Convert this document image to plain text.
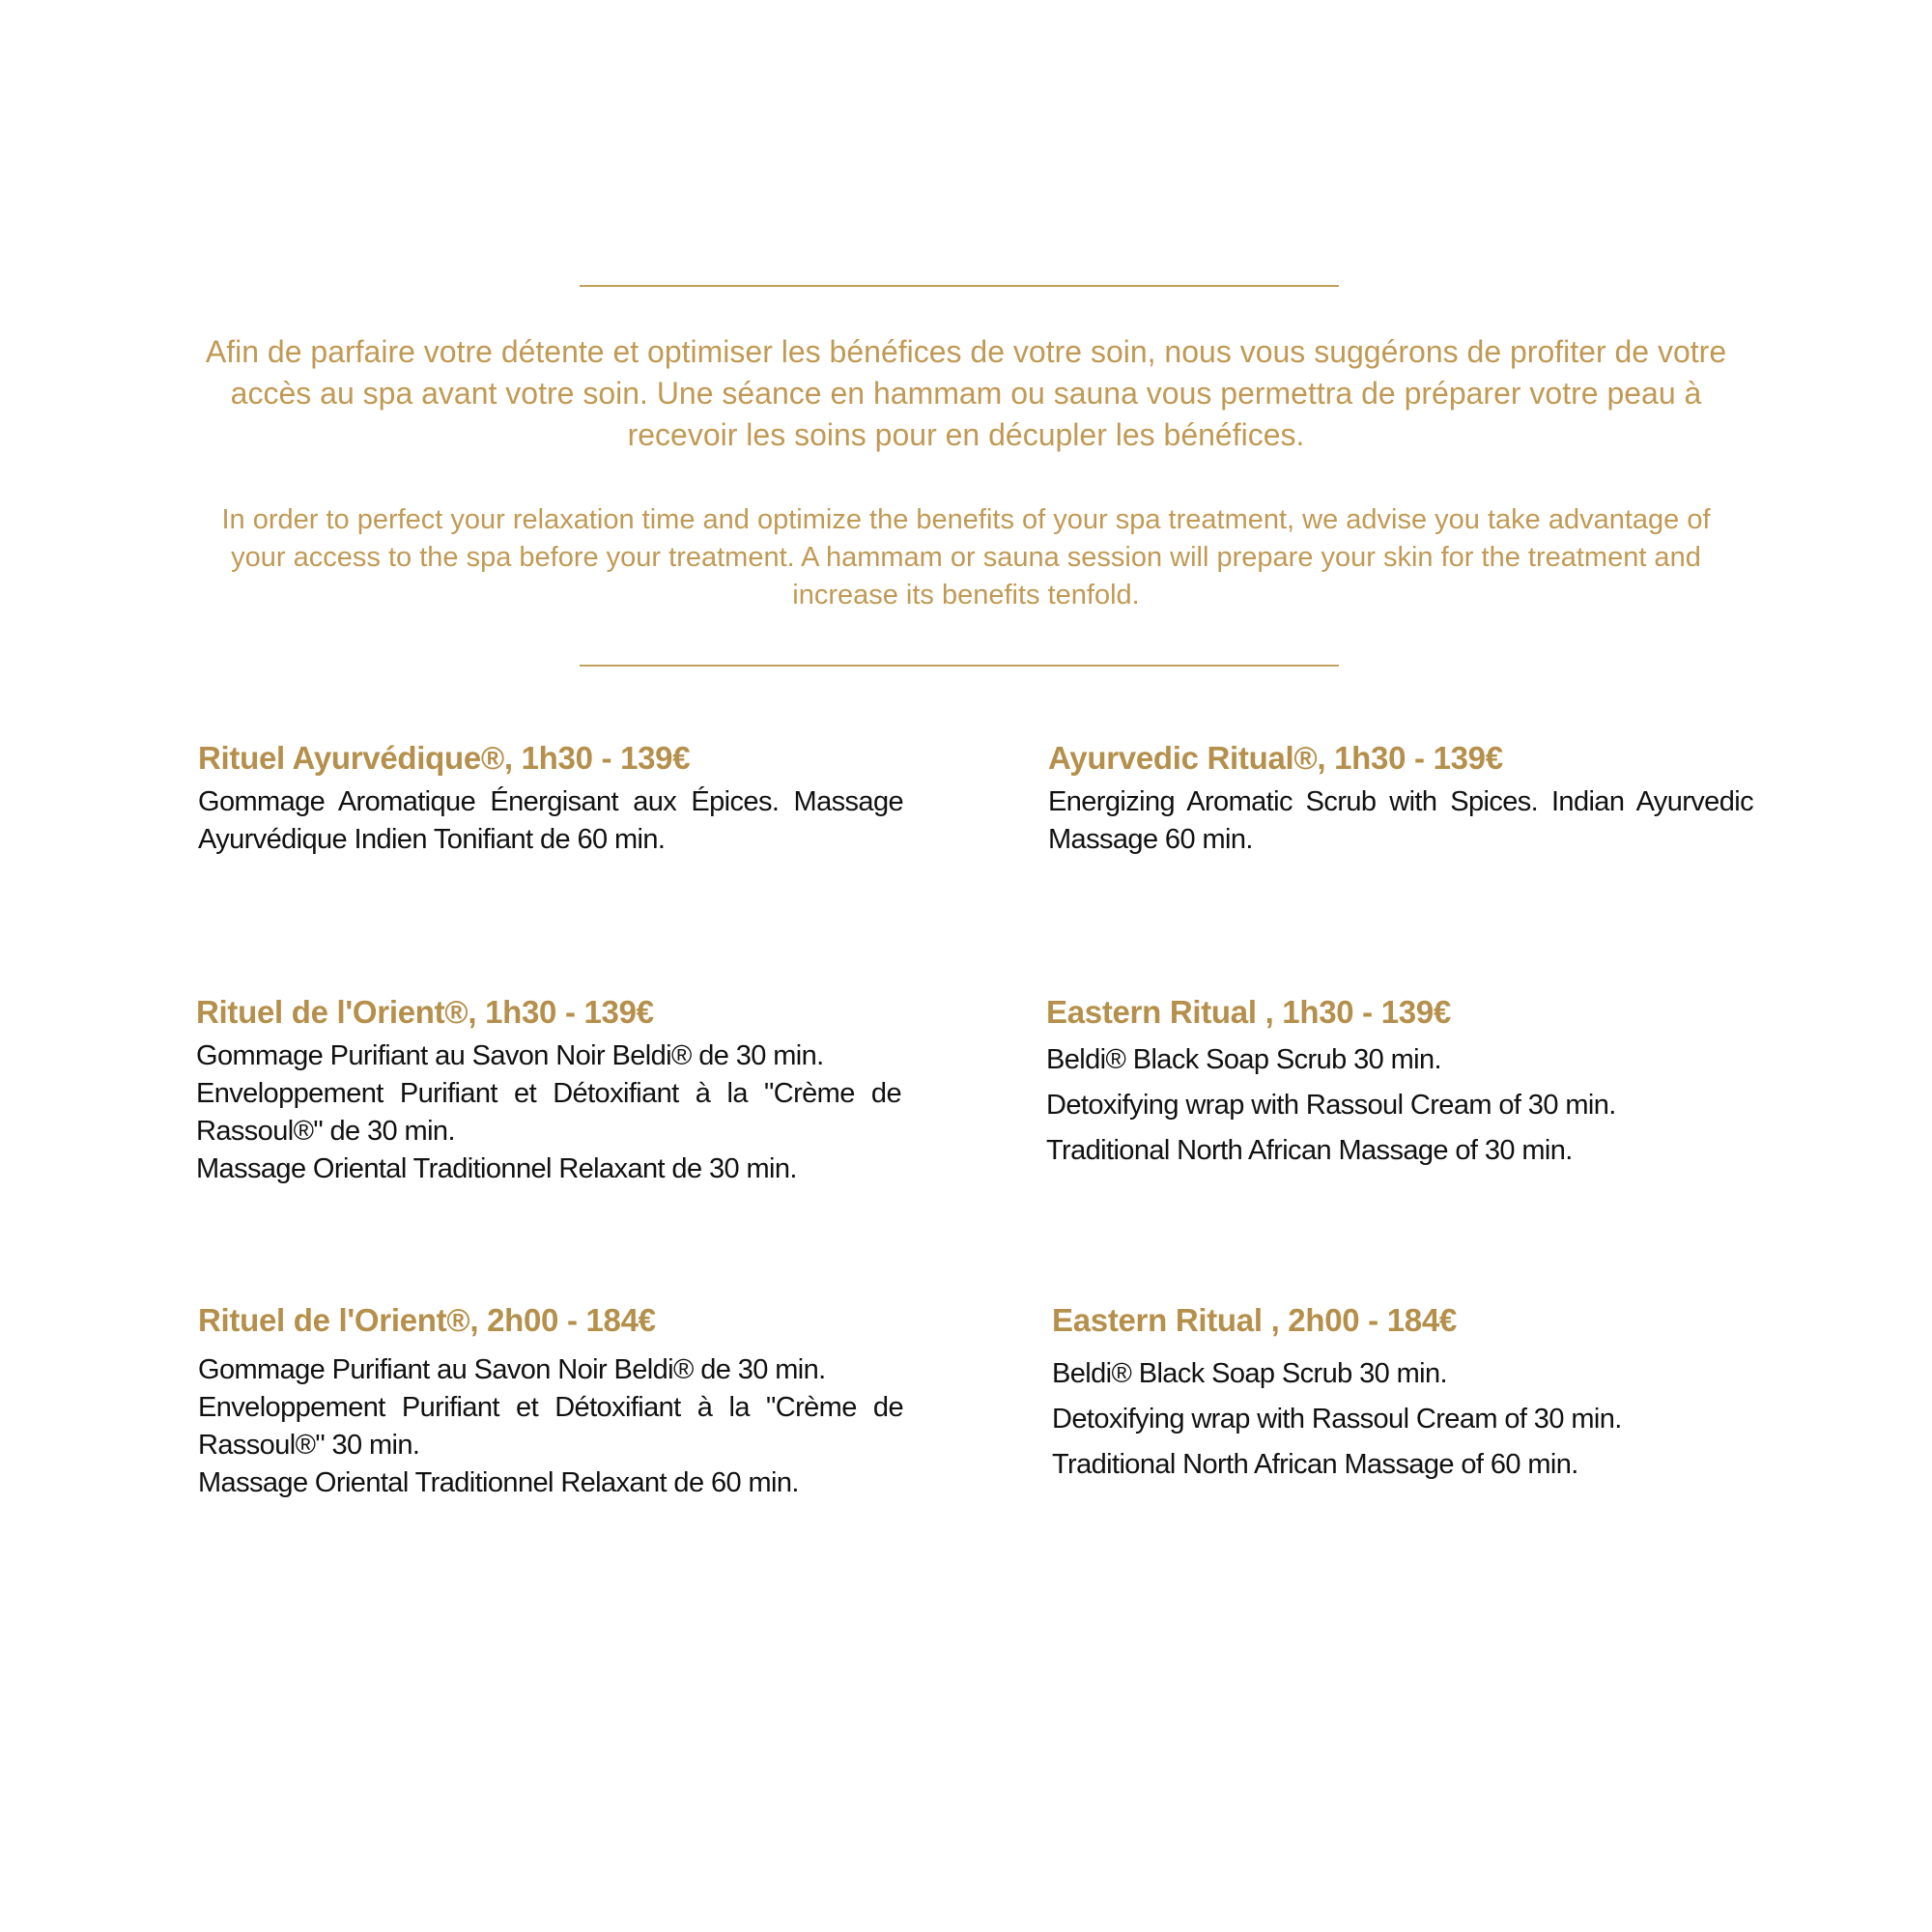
Afin de parfaire votre détente et optimiser les bénéfices de votre soin, nous vous suggérons de profiter de votre accès au spa avant votre soin. Une séance en hammam ou sauna vous permettra de préparer votre peau à recevoir les soins pour en décupler les bénéfices.

In order to perfect your relaxation time and optimize the benefits of your spa treatment, we advise you take advantage of your access to the spa before your treatment. A hammam or sauna session will prepare your skin for the treatment and increase its benefits tenfold.

Rituel Ayurvédique®, 1h30 - 139€

Gommage Aromatique Énergisant aux Épices. Massage Ayurvédique Indien Tonifiant de 60 min.

Ayurvedic Ritual®, 1h30 - 139€

Energizing Aromatic Scrub with Spices. Indian Ayurvedic Massage 60 min.

Rituel de l'Orient®, 1h30 - 139€

Gommage Purifiant au Savon Noir Beldi® de 30 min.

Enveloppement Purifiant et Détoxifiant à la "Crème de Rassoul®" de 30 min.

Massage Oriental Traditionnel Relaxant de 30 min.

Eastern Ritual , 1h30 - 139€

Beldi® Black Soap Scrub 30 min.

Detoxifying wrap with Rassoul Cream of 30 min.

Traditional North African Massage of 30 min.

Rituel de l'Orient®, 2h00 - 184€

Gommage Purifiant au Savon Noir Beldi® de 30 min.

Enveloppement Purifiant et Détoxifiant à la "Crème de Rassoul®" 30 min.

Massage Oriental Traditionnel Relaxant de 60 min.

Eastern Ritual , 2h00 - 184€

Beldi® Black Soap Scrub 30 min.

Detoxifying wrap with Rassoul Cream of 30 min.

Traditional North African Massage of 60 min.
